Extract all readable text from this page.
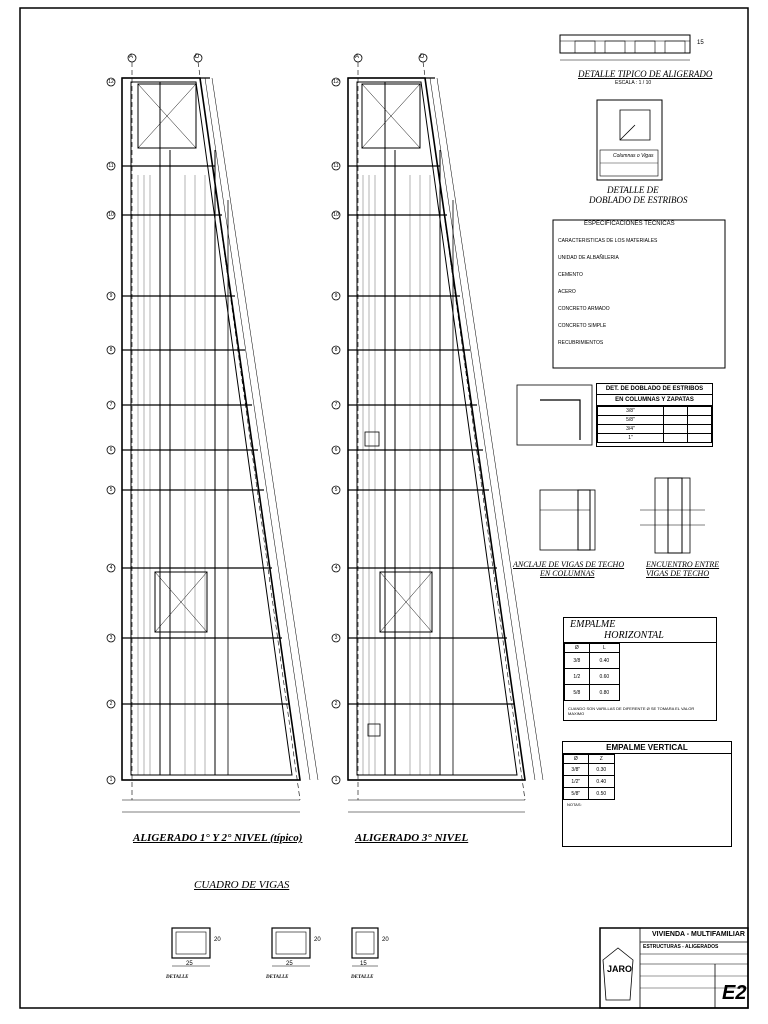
A	D	A	D
ALIGERADO 1° Y 2° NIVEL (típico)	ALIGERADO 3° NIVEL
DETALLE TIPICO DE ALIGERADO
ESCALA : 1 / 10
15
DETALLE DE
DOBLADO DE ESTRIBOS
Columnas o Vigas
ESPECIFICACIONES TECNICAS
CARACTERISTICAS DE LOS MATERIALES
UNIDAD DE ALBAÑILERIA
CEMENTO
ACERO
CONCRETO ARMADO
CONCRETO SIMPLE
RECUBRIMIENTOS
DET. DE DOBLADO DE ESTRIBOS
EN COLUMNAS Y ZAPATAS
3/8"		
5/8"		
3/4"		
1"		
ANCLAJE DE VIGAS DE TECHO
EN COLUMNAS
ENCUENTRO ENTRE
VIGAS DE TECHO
EMPALME HORIZONTAL
Ø	L
3/8	0.40
1/2	0.60
5/8	0.80
CUANDO SON VARILLAS DE DIFERENTE Ø SE TOMARA EL VALOR MAXIMO
EMPALME VERTICAL
Ø	Z
3/8"	0.30
1/2"	0.40
5/8"	0.50
NOTAS:
CUADRO DE VIGAS
25
20
25
20
15
20
DETALLE	DETALLE	DETALLE
VIVIENDA - MULTIFAMILIAR
ESTRUCTURAS - ALIGERADOS
JARO
E2
12
11
10
9
8
7
6
5
4
3
2
1
12
11
10
9
8
7
6
5
4
3
2
1
